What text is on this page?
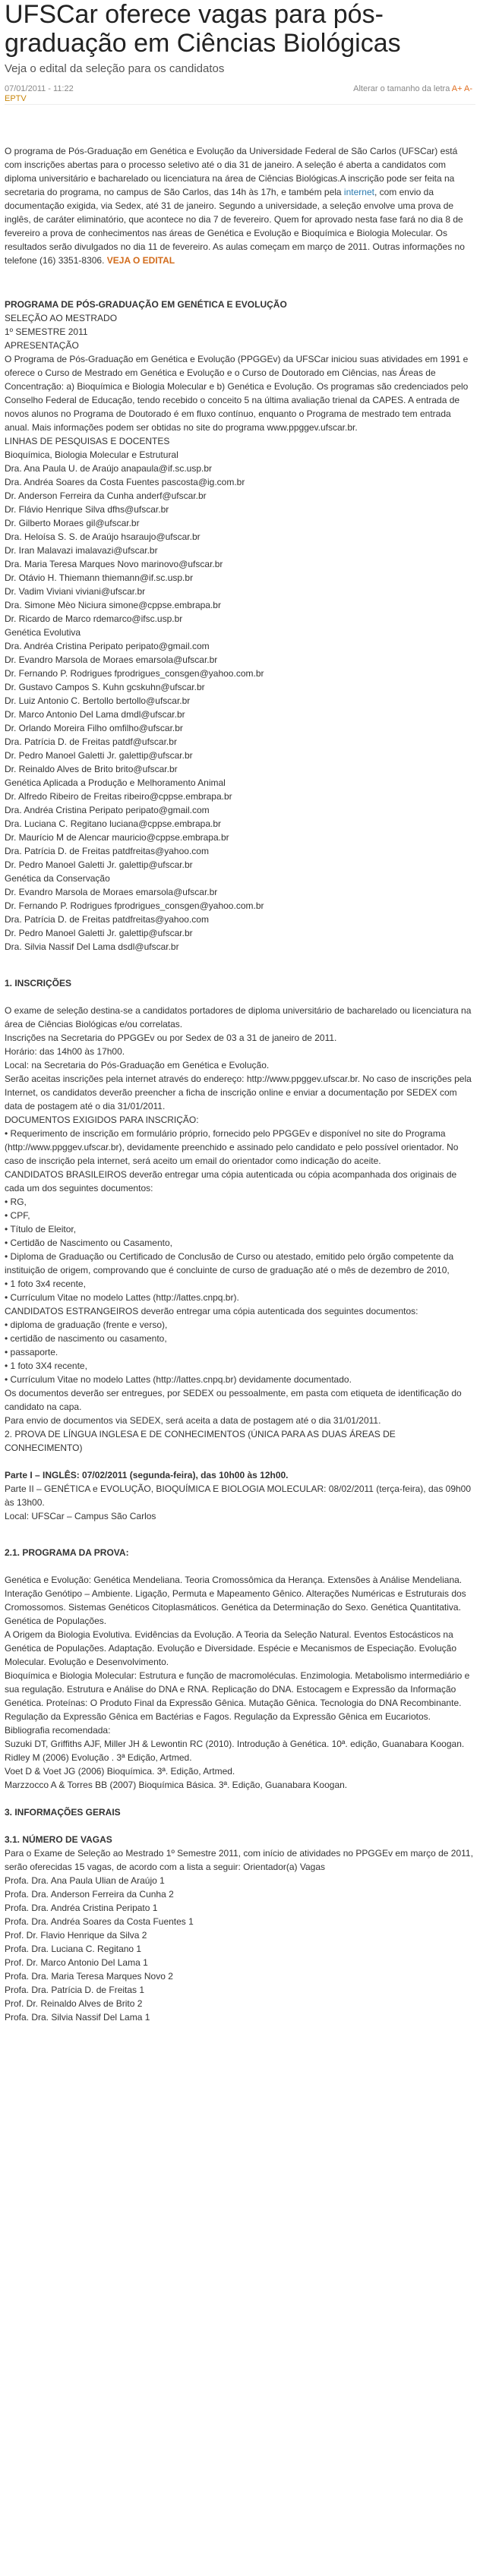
UFSCar oferece vagas para pós-graduação em Ciências Biológicas
Veja o edital da seleção para os candidatos
07/01/2011 - 11:22
EPTV
Alterar o tamanho da letra A+ A-

O programa de Pós-Graduação em Genética e Evolução da Universidade Federal de São Carlos (UFSCar) está com inscrições abertas para o processo seletivo até o dia 31 de janeiro. A seleção é aberta a candidatos com diploma universitário e bacharelado ou licenciatura na área de Ciências Biológicas.A inscrição pode ser feita na secretaria do programa, no campus de São Carlos, das 14h às 17h, e também pela internet, com envio da documentação exigida, via Sedex, até 31 de janeiro. Segundo a universidade, a seleção envolve uma prova de inglês, de caráter eliminatório, que acontece no dia 7 de fevereiro. Quem for aprovado nesta fase fará no dia 8 de fevereiro a prova de conhecimentos nas áreas de Genética e Evolução e Bioquímica e Biologia Molecular. Os resultados serão divulgados no dia 11 de fevereiro. As aulas começam em março de 2011. Outras informações no telefone (16) 3351-8306. VEJA O EDITAL

PROGRAMA DE PÓS-GRADUAÇÃO EM GENÉTICA E EVOLUÇÃO
SELEÇÃO AO MESTRADO
1º SEMESTRE 2011
APRESENTAÇÃO
O Programa de Pós-Graduação em Genética e Evolução (PPGGEv) da UFSCar iniciou suas atividades em 1991 e oferece o Curso de Mestrado em Genética e Evolução e o Curso de Doutorado em Ciências, nas Áreas de Concentração: a) Bioquímica e Biologia Molecular e b) Genética e Evolução. Os programas são credenciados pelo Conselho Federal de Educação, tendo recebido o conceito 5 na última avaliação trienal da CAPES. A entrada de novos alunos no Programa de Doutorado é em fluxo contínuo, enquanto o Programa de mestrado tem entrada anual. Mais informações podem ser obtidas no site do programa www.ppggev.ufscar.br.
LINHAS DE PESQUISAS E DOCENTES
Bioquímica, Biologia Molecular e Estrutural
Dra. Ana Paula U. de Araújo anapaula@if.sc.usp.br
Dra. Andréa Soares da Costa Fuentes pascosta@ig.com.br
Dr. Anderson Ferreira da Cunha anderf@ufscar.br
Dr. Flávio Henrique Silva dfhs@ufscar.br
Dr. Gilberto Moraes gil@ufscar.br
Dra. Heloísa S. S. de Araújo hsaraujo@ufscar.br
Dr. Iran Malavazi imalavazi@ufscar.br
Dra. Maria Teresa Marques Novo marinovo@ufscar.br
Dr. Otávio H. Thiemann thiemann@if.sc.usp.br
Dr. Vadim Viviani viviani@ufscar.br
Dra. Simone Mèo Niciura simone@cppse.embrapa.br
Dr. Ricardo de Marco rdemarco@ifsc.usp.br
Genética Evolutiva
Dra. Andréa Cristina Peripato peripato@gmail.com
Dr. Evandro Marsola de Moraes emarsola@ufscar.br
Dr. Fernando P. Rodrigues fprodrigues_consgen@yahoo.com.br
Dr. Gustavo Campos S. Kuhn gcskuhn@ufscar.br
Dr. Luiz Antonio C. Bertollo bertollo@ufscar.br
Dr. Marco Antonio Del Lama dmdl@ufscar.br
Dr. Orlando Moreira Filho omfilho@ufscar.br
Dra. Patrícia D. de Freitas patdf@ufscar.br
Dr. Pedro Manoel Galetti Jr. galettip@ufscar.br
Dr. Reinaldo Alves de Brito brito@ufscar.br
Genética Aplicada a Produção e Melhoramento Animal
Dr. Alfredo Ribeiro de Freitas ribeiro@cppse.embrapa.br
Dra. Andréa Cristina Peripato peripato@gmail.com
Dra. Luciana C. Regitano luciana@cppse.embrapa.br
Dr. Maurício M de Alencar mauricio@cppse.embrapa.br
Dra. Patrícia D. de Freitas patdfreitas@yahoo.com
Dr. Pedro Manoel Galetti Jr. galettip@ufscar.br
Genética da Conservação
Dr. Evandro Marsola de Moraes emarsola@ufscar.br
Dr. Fernando P. Rodrigues fprodrigues_consgen@yahoo.com.br
Dra. Patrícia D. de Freitas patdfreitas@yahoo.com
Dr. Pedro Manoel Galetti Jr. galettip@ufscar.br
Dra. Silvia Nassif Del Lama dsdl@ufscar.br
1. INSCRIÇÕES
O exame de seleção destina-se a candidatos portadores de diploma universitário de bacharelado ou licenciatura na área de Ciências Biológicas e/ou correlatas.
Inscrições na Secretaria do PPGGEv ou por Sedex de 03 a 31 de janeiro de 2011.
Horário: das 14h00 às 17h00.
Local: na Secretaria do Pós-Graduação em Genética e Evolução.
Serão aceitas inscrições pela internet através do endereço: http://www.ppggev.ufscar.br. No caso de inscrições pela Internet, os candidatos deverão preencher a ficha de inscrição online e enviar a documentação por SEDEX com data de postagem até o dia 31/01/2011.
DOCUMENTOS EXIGIDOS PARA INSCRIÇÃO:
• Requerimento de inscrição em formulário próprio, fornecido pelo PPGGEv e disponível no site do Programa (http://www.ppggev.ufscar.br), devidamente preenchido e assinado pelo candidato e pelo possível orientador. No caso de inscrição pela internet, será aceito um email do orientador como indicação do aceite.
CANDIDATOS BRASILEIROS deverão entregar uma cópia autenticada ou cópia acompanhada dos originais de cada um dos seguintes documentos:
• RG,
• CPF,
• Título de Eleitor,
• Certidão de Nascimento ou Casamento,
• Diploma de Graduação ou Certificado de Conclusão de Curso ou atestado, emitido pelo órgão competente da instituição de origem, comprovando que é concluinte de curso de graduação até o mês de dezembro de 2010,
• 1 foto 3x4 recente,
• Currículum Vitae no modelo Lattes (http://lattes.cnpq.br).
CANDIDATOS ESTRANGEIROS deverão entregar uma cópia autenticada dos seguintes documentos:
• diploma de graduação (frente e verso),
• certidão de nascimento ou casamento,
• passaporte.
• 1 foto 3X4 recente,
• Currículum Vitae no modelo Lattes (http://lattes.cnpq.br) devidamente documentado.
Os documentos deverão ser entregues, por SEDEX ou pessoalmente, em pasta com etiqueta de identificação do candidato na capa.
Para envio de documentos via SEDEX, será aceita a data de postagem até o dia 31/01/2011.
2. PROVA DE LÍNGUA INGLESA E DE CONHECIMENTOS (ÚNICA PARA AS DUAS ÁREAS DE CONHECIMENTO)
Parte I – INGLÊS: 07/02/2011 (segunda-feira), das 10h00 às 12h00.
Parte II – GENÉTICA e EVOLUÇÃO, BIOQUÍMICA E BIOLOGIA MOLECULAR: 08/02/2011 (terça-feira), das 09h00 às 13h00.
Local: UFSCar – Campus São Carlos
2.1. PROGRAMA DA PROVA:
Genética e Evolução: Genética Mendeliana. Teoria Cromossômica da Herança. Extensões à Análise Mendeliana. Interação Genótipo – Ambiente. Ligação, Permuta e Mapeamento Gênico. Alterações Numéricas e Estruturais dos Cromossomos. Sistemas Genéticos Citoplasmáticos. Genética da Determinação do Sexo. Genética Quantitativa. Genética de Populações.
A Origem da Biologia Evolutiva. Evidências da Evolução. A Teoria da Seleção Natural. Eventos Estocásticos na Genética de Populações. Adaptação. Evolução e Diversidade. Espécie e Mecanismos de Especiação. Evolução Molecular. Evolução e Desenvolvimento.
Bioquímica e Biologia Molecular: Estrutura e função de macromoléculas. Enzimologia. Metabolismo intermediário e sua regulação. Estrutura e Análise do DNA e RNA. Replicação do DNA. Estocagem e Expressão da Informação Genética. Proteínas: O Produto Final da Expressão Gênica. Mutação Gênica. Tecnologia do DNA Recombinante. Regulação da Expressão Gênica em Bactérias e Fagos. Regulação da Expressão Gênica em Eucariotos.
Bibliografia recomendada:
Suzuki DT, Griffiths AJF, Miller JH & Lewontin RC (2010). Introdução à Genética. 10ª. edição, Guanabara Koogan.
Ridley M (2006) Evolução . 3ª Edição, Artmed.
Voet D & Voet JG (2006) Bioquímica. 3ª. Edição, Artmed.
Marzzocco A & Torres BB (2007) Bioquímica Básica. 3ª. Edição, Guanabara Koogan.
3. INFORMAÇÕES GERAIS
3.1. NÚMERO DE VAGAS
Para o Exame de Seleção ao Mestrado 1º Semestre 2011, com início de atividades no PPGGEv em março de 2011, serão oferecidas 15 vagas, de acordo com a lista a seguir: Orientador(a) Vagas
Profa. Dra. Ana Paula Ulian de Araújo 1
Profa. Dra. Anderson Ferreira da Cunha 2
Profa. Dra. Andréa Cristina Peripato 1
Profa. Dra. Andréa Soares da Costa Fuentes 1
Prof. Dr. Flavio Henrique da Silva 2
Profa. Dra. Luciana C. Regitano 1
Prof. Dr. Marco Antonio Del Lama 1
Profa. Dra. Maria Teresa Marques Novo 2
Profa. Dra. Patrícia D. de Freitas 1
Prof. Dr. Reinaldo Alves de Brito 2
Profa. Dra. Silvia Nassif Del Lama 1
